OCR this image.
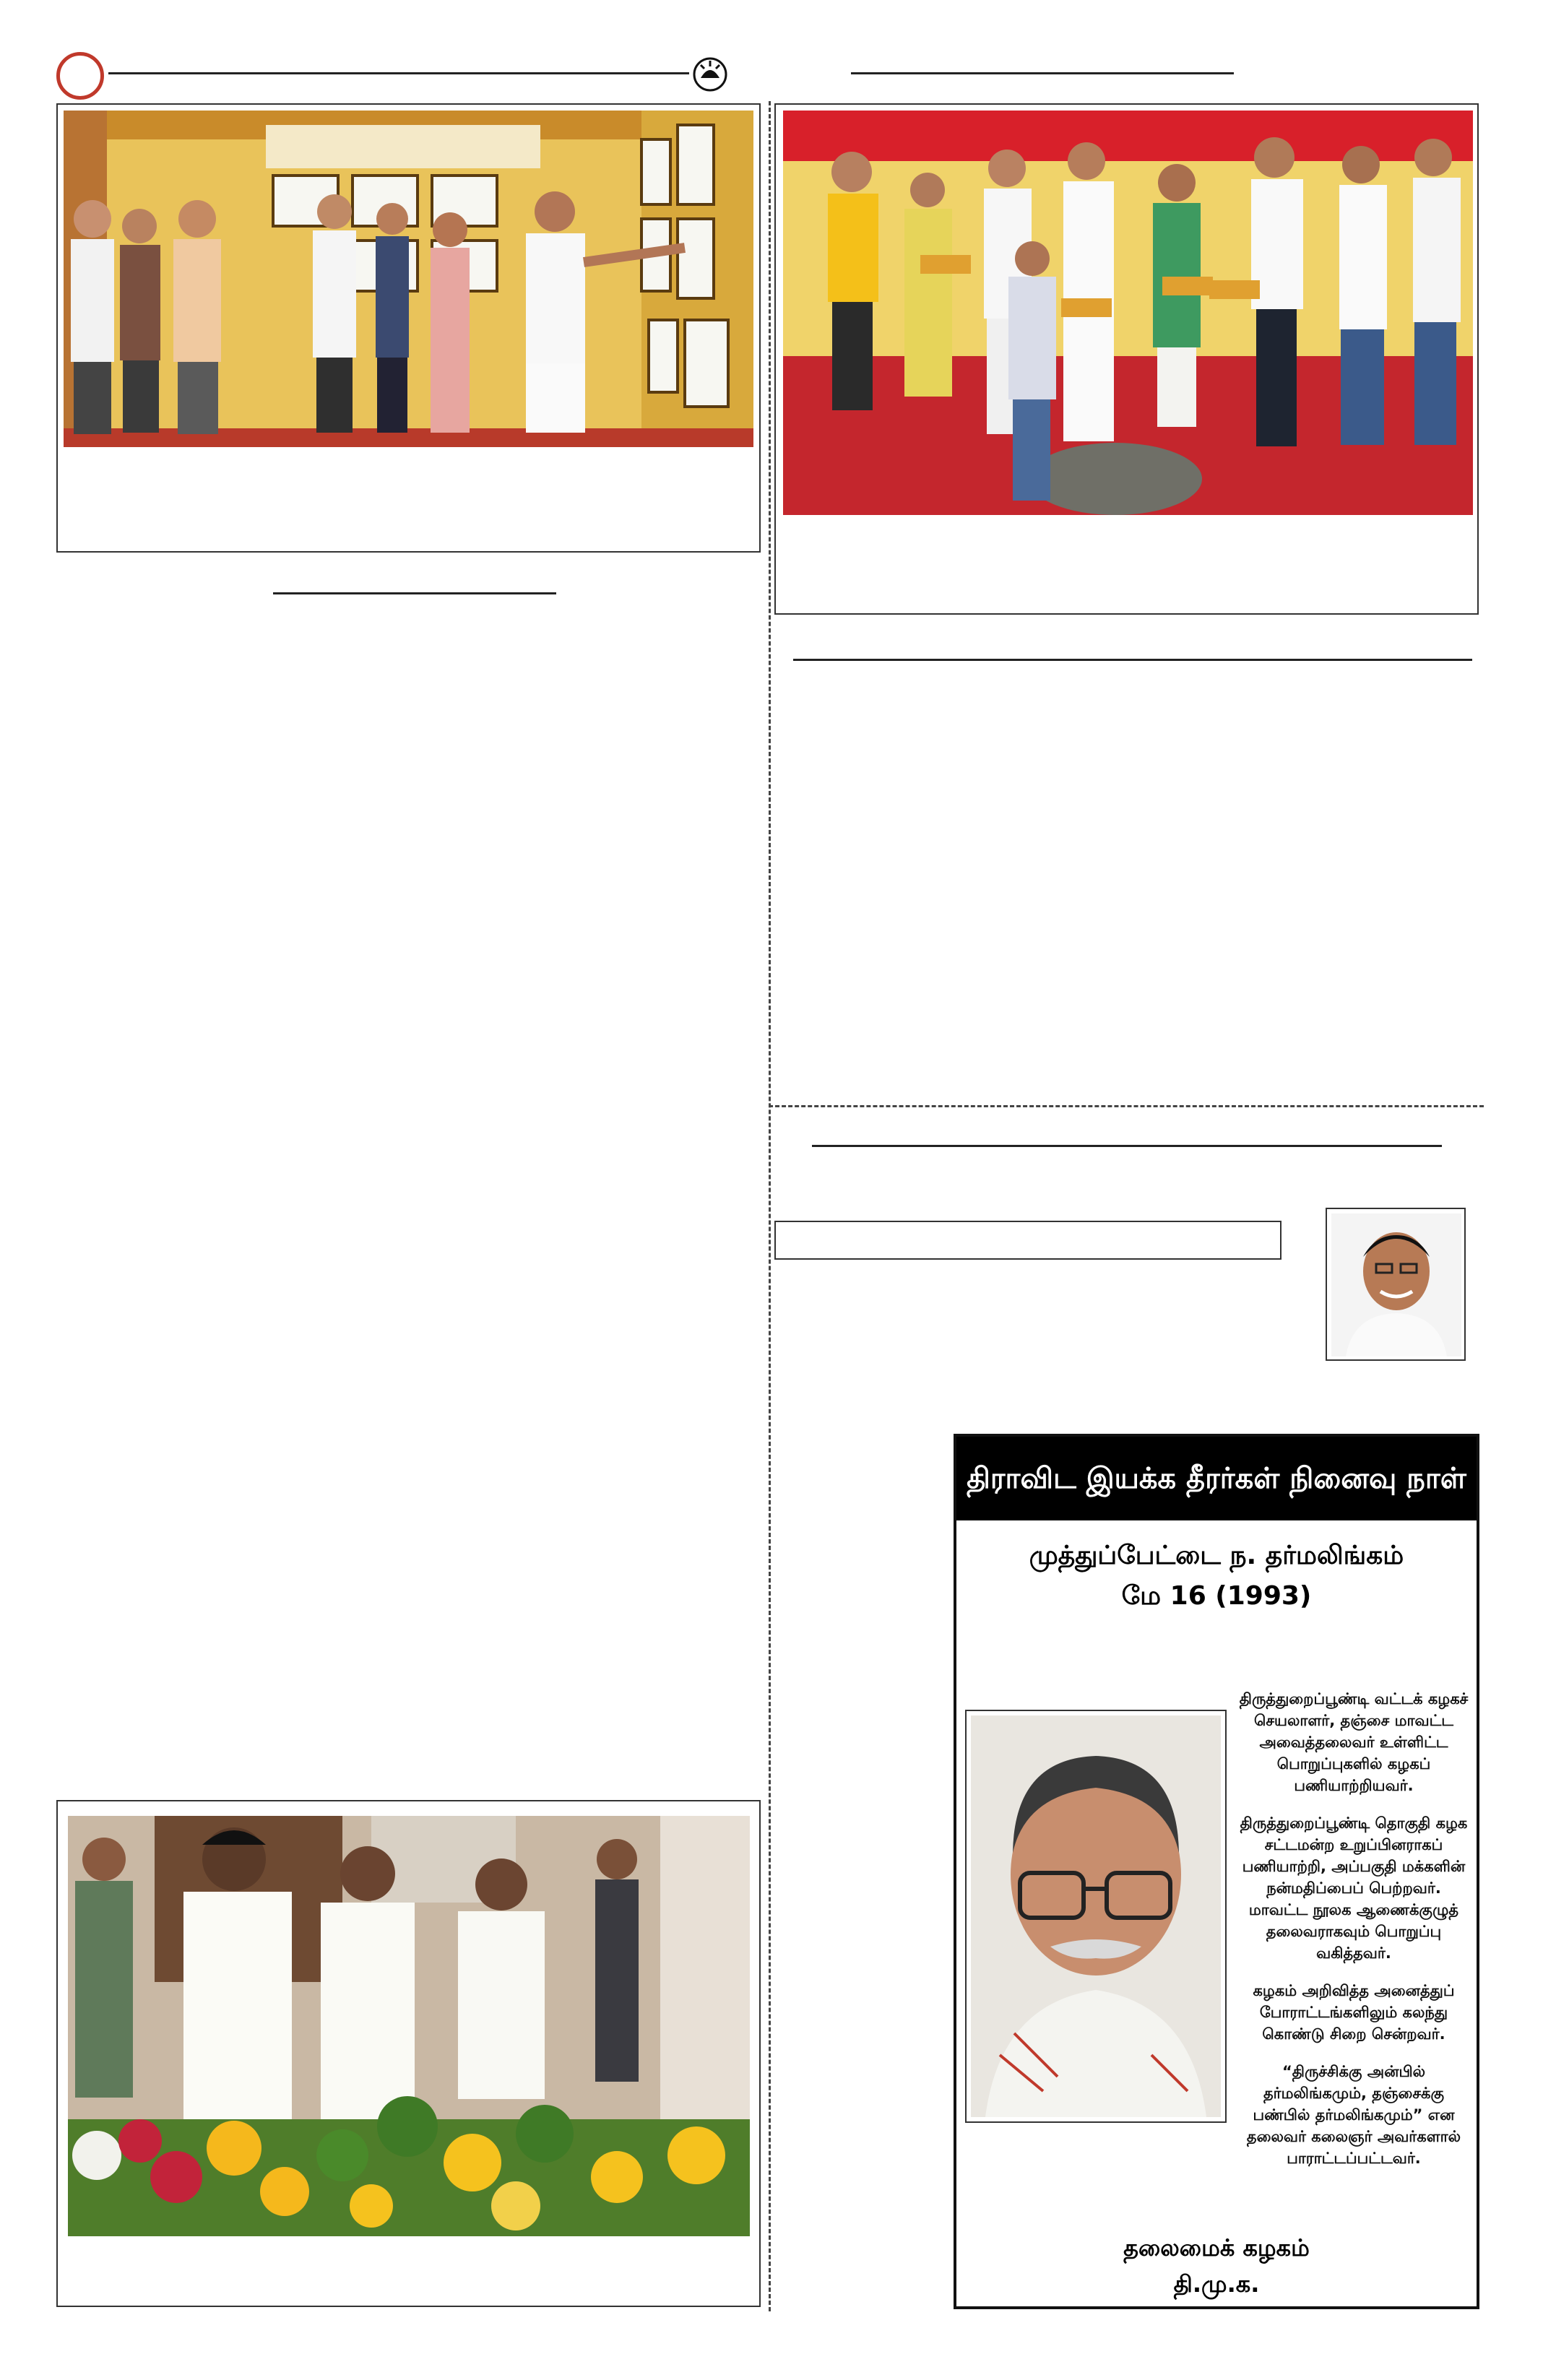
திராவிட இயக்க தீரர்கள் நினைவு நாள்
முத்துப்பேட்டை ந. தர்மலிங்கம்
மே 16 (1993)

திருத்துறைப்பூண்டி வட்டக் கழகச் செயலாளர், தஞ்சை மாவட்ட அவைத்தலைவர் உள்ளிட்ட பொறுப்புகளில் கழகப் பணியாற்றியவர்.

திருத்துறைப்பூண்டி தொகுதி கழக சட்டமன்ற உறுப்பினராகப் பணியாற்றி, அப்பகுதி மக்களின் நன்மதிப்பைப் பெற்றவர். மாவட்ட நூலக ஆணைக்குழுத் தலைவராகவும் பொறுப்பு வகித்தவர்.

கழகம் அறிவித்த அனைத்துப் போராட்டங்களிலும் கலந்து கொண்டு சிறை சென்றவர்.

“திருச்சிக்கு அன்பில் தர்மலிங்கமும், தஞ்சைக்கு பண்பில் தர்மலிங்கமும்” என தலைவர் கலைஞர் அவர்களால் பாராட்டப்பட்டவர்.

தலைமைக் கழகம்
தி.மு.க.
